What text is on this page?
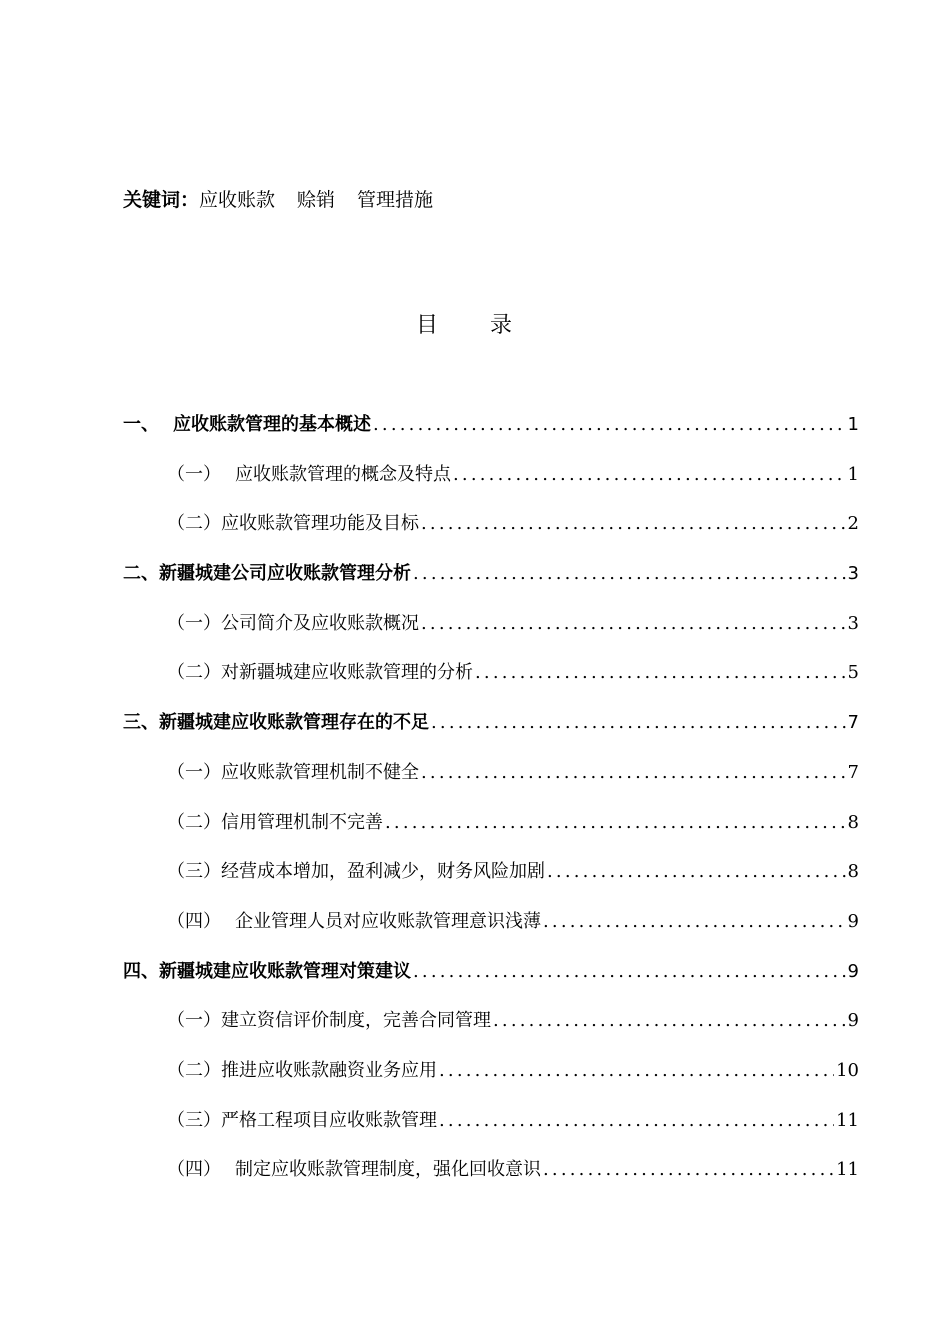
关键词：应收账款 赊销 管理措施
目录
一、 应收账款管理的基本概述 .....	1
（一） 应收账款管理的概念及特点 .....	1
（二）应收账款管理功能及目标 .....	2
二、新疆城建公司应收账款管理分析 .....	3
（一）公司简介及应收账款概况 .....	3
（二）对新疆城建应收账款管理的分析 .....	5
三、新疆城建应收账款管理存在的不足 .....	7
（一）应收账款管理机制不健全 .....	7
（二）信用管理机制不完善 .....	8
（三）经营成本增加，盈利减少，财务风险加剧 .....	8
（四） 企业管理人员对应收账款管理意识浅薄 .....	9
四、新疆城建应收账款管理对策建议 .....	9
（一）建立资信评价制度，完善合同管理 .....	9
（二）推进应收账款融资业务应用 .....	10
（三）严格工程项目应收账款管理 .....	11
（四） 制定应收账款管理制度，强化回收意识 .....	11
